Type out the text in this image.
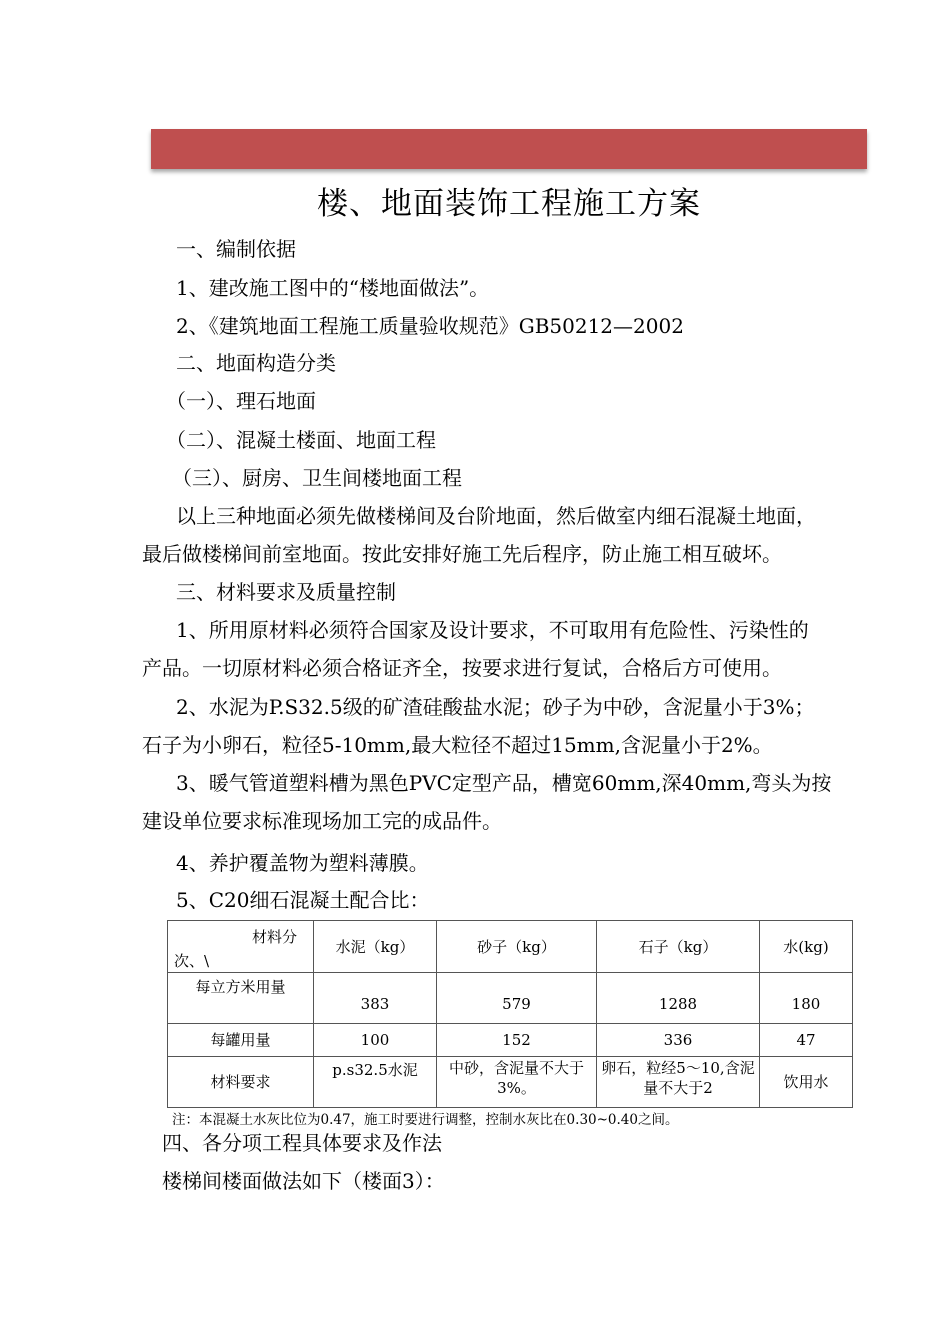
楼、地面装饰工程施工方案
一、编制依据
1、建改施工图中的“楼地面做法”。
2、《建筑地面工程施工质量验收规范》GB50212—2002
二、地面构造分类
（一）、理石地面
（二）、混凝土楼面、地面工程
（三）、厨房、卫生间楼地面工程
以上三种地面必须先做楼梯间及台阶地面，然后做室内细石混凝土地面，
最后做楼梯间前室地面。按此安排好施工先后程序，防止施工相互破坏。
三、材料要求及质量控制
1、所用原材料必须符合国家及设计要求，不可取用有危险性、污染性的
产品。一切原材料必须合格证齐全，按要求进行复试，合格后方可使用。
2、水泥为P.S32.5级的矿渣硅酸盐水泥；砂子为中砂，含泥量小于3%；
石子为小卵石，粒径5-10mm,最大粒径不超过15mm,含泥量小于2%。
3、暖气管道塑料槽为黑色PVC定型产品，槽宽60mm,深40mm,弯头为按
建设单位要求标准现场加工完的成品件。
4、养护覆盖物为塑料薄膜。
5、C20细石混凝土配合比：
材料分
次、\	水泥（kg）	砂子（kg）	石子（kg）	水(kg)
每立方米用量	383	579	1288	180
每罐用量	100	152	336	47
材料要求	p.s32.5水泥	中砂，含泥量不大于3%。	卵石，粒经5～10,含泥量不大于2	饮用水
注：本混凝土水灰比位为0.47，施工时要进行调整，控制水灰比在0.30~0.40之间。
四、各分项工程具体要求及作法
楼梯间楼面做法如下（楼面3）：
